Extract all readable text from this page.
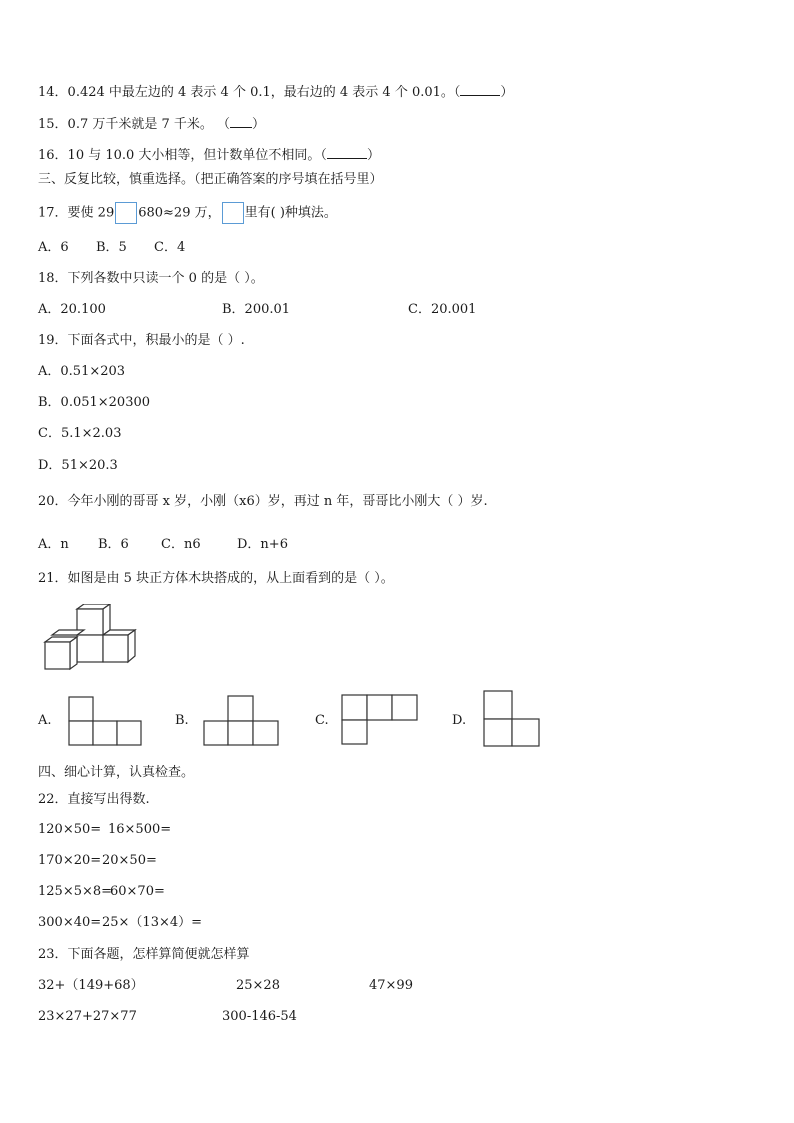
14．0.424 中最左边的 4 表示 4 个 0.1，最右边的 4 表示 4 个 0.01。（	）
15．0.7 万千米就是 7 千米。 （ ）
16．10 与 10.0 大小相等，但计数单位不相同。（	）
三、反复比较，慎重选择。（把正确答案的序号填在括号里）
17．要使 29 680≈29 万， 里有( )种填法。
A．6 B．5 C．4
18．下列各数中只读一个 0 的是（ ）。
A．20.100	B．200.01	C．20.001
19．下面各式中，积最小的是（ ）.
A．0.51×203
B．0.051×20300
C．5.1×2.03
D．51×20.3
20．今年小刚的哥哥 x 岁，小刚（x6）岁，再过 n 年，哥哥比小刚大（ ）岁.
A．n B．6 C．n6	D．n+6
21．如图是由 5 块正方体木块搭成的，从上面看到的是（ ）。
A.	B.	C.	D.
四、细心计算，认真检查。
22．直接写出得数.
120×50= 16×500=
170×20=20×50=
125×5×8=60×70=
300×40=25×（13×4）=
23．下面各题，怎样算简便就怎样算
32+（149+68）	25×28	47×99
23×27+27×77	300-146-54
